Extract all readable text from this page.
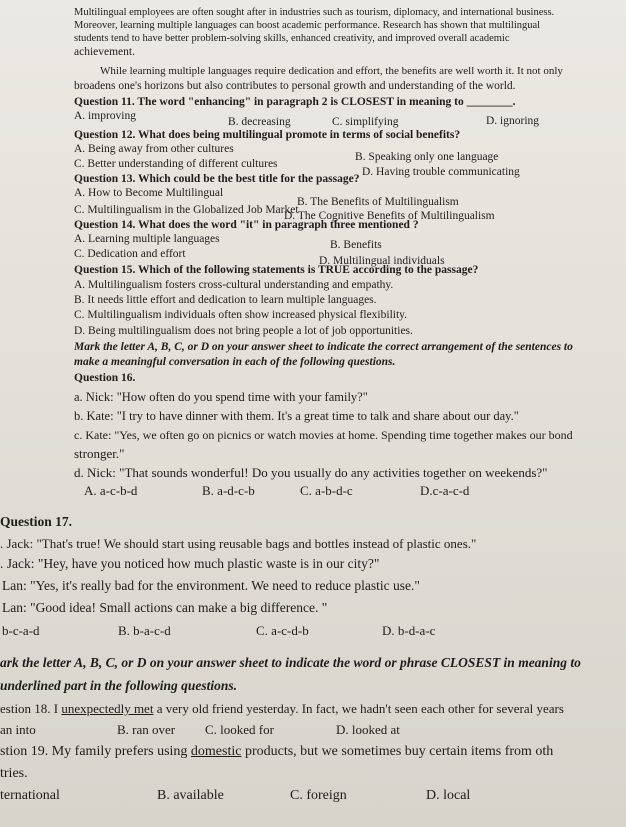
Multilingual employees are often sought after in industries such as tourism, diplomacy, and international business.
Moreover, learning multiple languages can boost academic performance. Research has shown that multilingual
students tend to have better problem-solving skills, enhanced creativity, and improved overall academic
achievement.
While learning multiple languages require dedication and effort, the benefits are well worth it. It not only
broadens one's horizons but also contributes to personal growth and understanding of the world.
Question 11. The word "enhancing" in paragraph 2 is CLOSEST in meaning to ________.
A. improving	B. decreasing	C. simplifying	D. ignoring
Question 12. What does being multilingual promote in terms of social benefits?
A. Being away from other cultures
B. Speaking only one language
C. Better understanding of different cultures
D. Having trouble communicating
Question 13. Which could be the best title for the passage?
A. How to Become Multilingual
B. The Benefits of Multilingualism
C. Multilingualism in the Globalized Job Market
D. The Cognitive Benefits of Multilingualism
Question 14. What does the word "it" in paragraph three mentioned ?
A. Learning multiple languages	B. Benefits
C. Dedication and effort
D. Multilingual individuals
Question 15. Which of the following statements is TRUE according to the passage?
A. Multilingualism fosters cross-cultural understanding and empathy.
B. It needs little effort and dedication to learn multiple languages.
C. Multilingualism individuals often show increased physical flexibility.
D. Being multilingualism does not bring people a lot of job opportunities.
Mark the letter A, B, C, or D on your answer sheet to indicate the correct arrangement of the sentences to
make a meaningful conversation in each of the following questions.
Question 16.
a. Nick: "How often do you spend time with your family?"
b. Kate: "I try to have dinner with them. It's a great time to talk and share about our day."
c. Kate: "Yes, we often go on picnics or watch movies at home. Spending time together makes our bond
stronger."
d. Nick: "That sounds wonderful! Do you usually do any activities together on weekends?"
A. a-c-b-d	B. a-d-c-b	C. a-b-d-c	D.c-a-c-d
Question 17.
. Jack: "That's true! We should start using reusable bags and bottles instead of plastic ones."
. Jack: "Hey, have you noticed how much plastic waste is in our city?"
Lan: "Yes, it's really bad for the environment. We need to reduce plastic use."
Lan: "Good idea! Small actions can make a big difference. "
b-c-a-d	B. b-a-c-d	C. a-c-d-b	D. b-d-a-c
ark the letter A, B, C, or D on your answer sheet to indicate the word or phrase CLOSEST in meaning to
underlined part in the following questions.
estion 18. I unexpectedly met a very old friend yesterday. In fact, we hadn't seen each other for several years
an into	B. ran over C. looked for	D. looked at
stion 19. My family prefers using domestic products, but we sometimes buy certain items from oth
tries.
ternational	B. available	C. foreign	D. local
